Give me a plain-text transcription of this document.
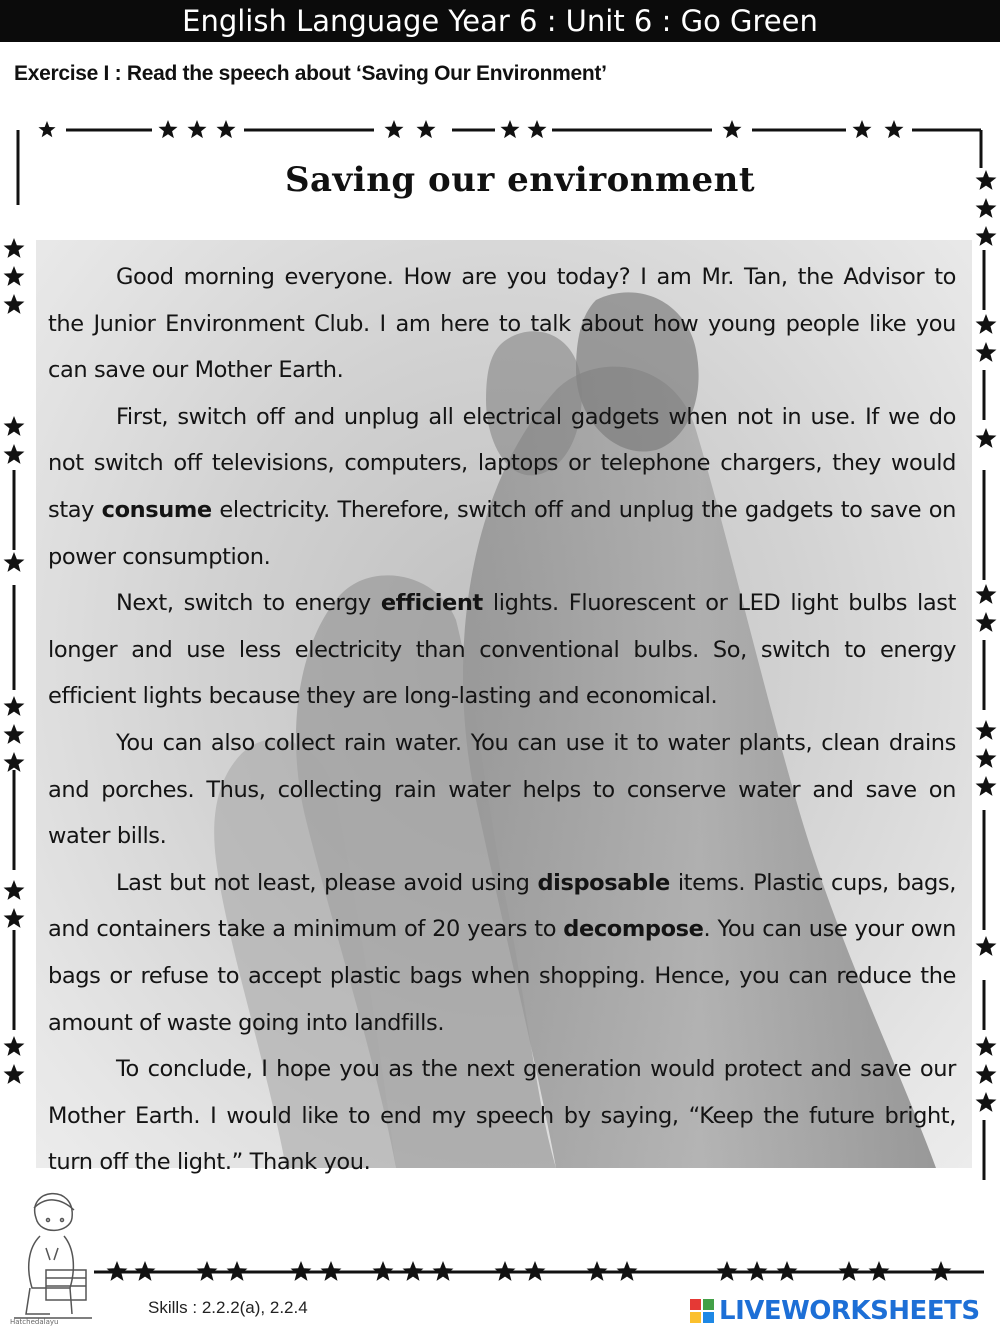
English Language Year 6 : Unit 6 : Go Green
Exercise I : Read the speech about ‘Saving Our Environment’
Saving our environment

Good morning everyone. How are you today? I am Mr. Tan, the Advisor to the Junior Environment Club. I am here to talk about how young people like you can save our Mother Earth.

First, switch off and unplug all electrical gadgets when not in use. If we do not switch off televisions, computers, laptops or telephone chargers, they would stay consume electricity. Therefore, switch off and unplug the gadgets to save on power consumption.

Next, switch to energy efficient lights. Fluorescent or LED light bulbs last longer and use less electricity than conventional bulbs. So, switch to energy efficient lights because they are long-lasting and economical.

You can also collect rain water. You can use it to water plants, clean drains and porches. Thus, collecting rain water helps to conserve water and save on water bills.

Last but not least, please avoid using disposable items. Plastic cups, bags, and containers take a minimum of 20 years to decompose. You can use your own bags or refuse to accept plastic bags when shopping. Hence, you can reduce the amount of waste going into landfills.

To conclude, I hope you as the next generation would protect and save our Mother Earth. I would like to end my speech by saying, “Keep the future bright, turn off the light.” Thank you.

Hatchedalayu
Skills : 2.2.2(a), 2.2.4	LIVEWORKSHEETS
